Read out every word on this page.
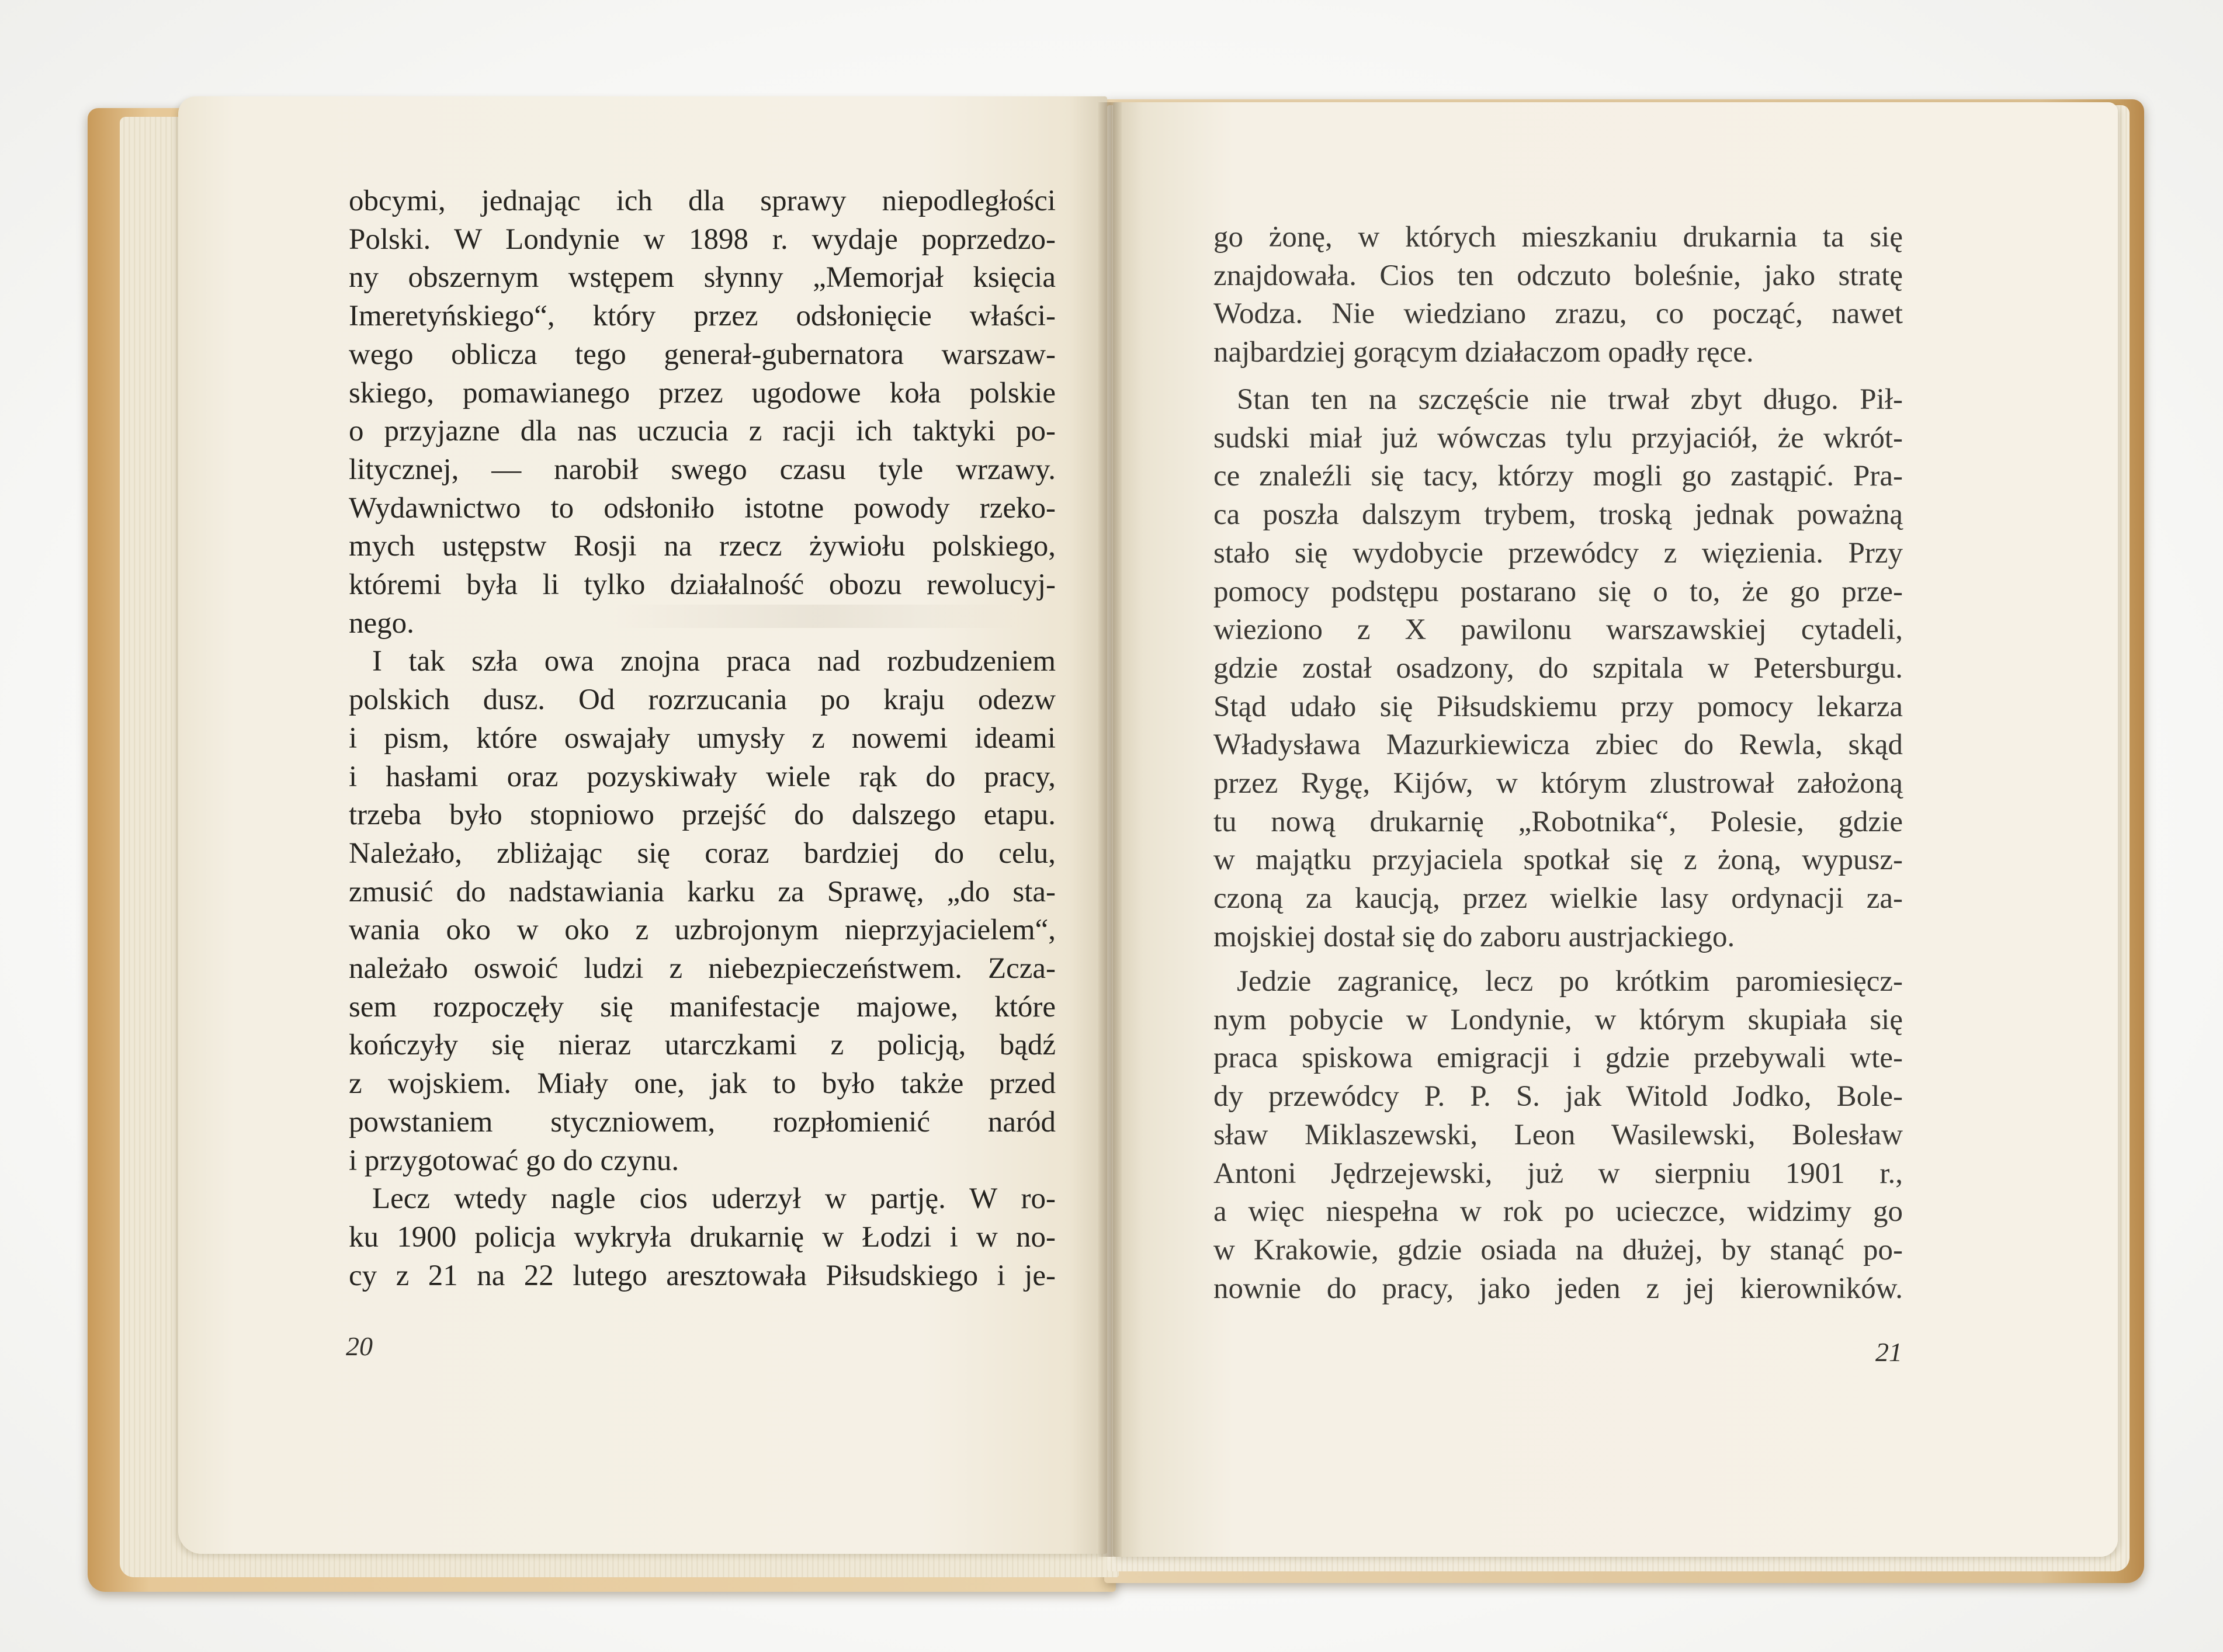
obcymi, jednając ich dla sprawy niepodległości
Polski. W Londynie w 1898 r. wydaje poprzedzo-
ny obszernym wstępem słynny „Memorjał księcia
Imeretyńskiego“, który przez odsłonięcie właści-
wego oblicza tego generał-gubernatora warszaw-
skiego, pomawianego przez ugodowe koła polskie
o przyjazne dla nas uczucia z racji ich taktyki po-
litycznej, — narobił swego czasu tyle wrzawy.
Wydawnictwo to odsłoniło istotne powody rzeko-
mych ustępstw Rosji na rzecz żywiołu polskiego,
któremi była li tylko działalność obozu rewolucyj-
nego.
I tak szła owa znojna praca nad rozbudzeniem
polskich dusz. Od rozrzucania po kraju odezw
i pism, które oswajały umysły z nowemi ideami
i hasłami oraz pozyskiwały wiele rąk do pracy,
trzeba było stopniowo przejść do dalszego etapu.
Należało, zbliżając się coraz bardziej do celu,
zmusić do nadstawiania karku za Sprawę, „do sta-
wania oko w oko z uzbrojonym nieprzyjacielem“,
należało oswoić ludzi z niebezpieczeństwem. Zcza-
sem rozpoczęły się manifestacje majowe, które
kończyły się nieraz utarczkami z policją, bądź
z wojskiem. Miały one, jak to było także przed
powstaniem styczniowem, rozpłomienić naród
i przygotować go do czynu.
Lecz wtedy nagle cios uderzył w partję. W ro-
ku 1900 policja wykryła drukarnię w Łodzi i w no-
cy z 21 na 22 lutego aresztowała Piłsudskiego i je-
20
go żonę, w których mieszkaniu drukarnia ta się
znajdowała. Cios ten odczuto boleśnie, jako stratę
Wodza. Nie wiedziano zrazu, co począć, nawet
najbardziej gorącym działaczom opadły ręce.
Stan ten na szczęście nie trwał zbyt długo. Pił-
sudski miał już wówczas tylu przyjaciół, że wkrót-
ce znaleźli się tacy, którzy mogli go zastąpić. Pra-
ca poszła dalszym trybem, troską jednak poważną
stało się wydobycie przewódcy z więzienia. Przy
pomocy podstępu postarano się o to, że go prze-
wieziono z X pawilonu warszawskiej cytadeli,
gdzie został osadzony, do szpitala w Petersburgu.
Stąd udało się Piłsudskiemu przy pomocy lekarza
Władysława Mazurkiewicza zbiec do Rewla, skąd
przez Rygę, Kijów, w którym zlustrował założoną
tu nową drukarnię „Robotnika“, Polesie, gdzie
w majątku przyjaciela spotkał się z żoną, wypusz-
czoną za kaucją, przez wielkie lasy ordynacji za-
mojskiej dostał się do zaboru austrjackiego.
Jedzie zagranicę, lecz po krótkim paromiesięcz-
nym pobycie w Londynie, w którym skupiała się
praca spiskowa emigracji i gdzie przebywali wte-
dy przewódcy P. P. S. jak Witold Jodko, Bole-
sław Miklaszewski, Leon Wasilewski, Bolesław
Antoni Jędrzejewski, już w sierpniu 1901 r.,
a więc niespełna w rok po ucieczce, widzimy go
w Krakowie, gdzie osiada na dłużej, by stanąć po-
nownie do pracy, jako jeden z jej kierowników.
21
